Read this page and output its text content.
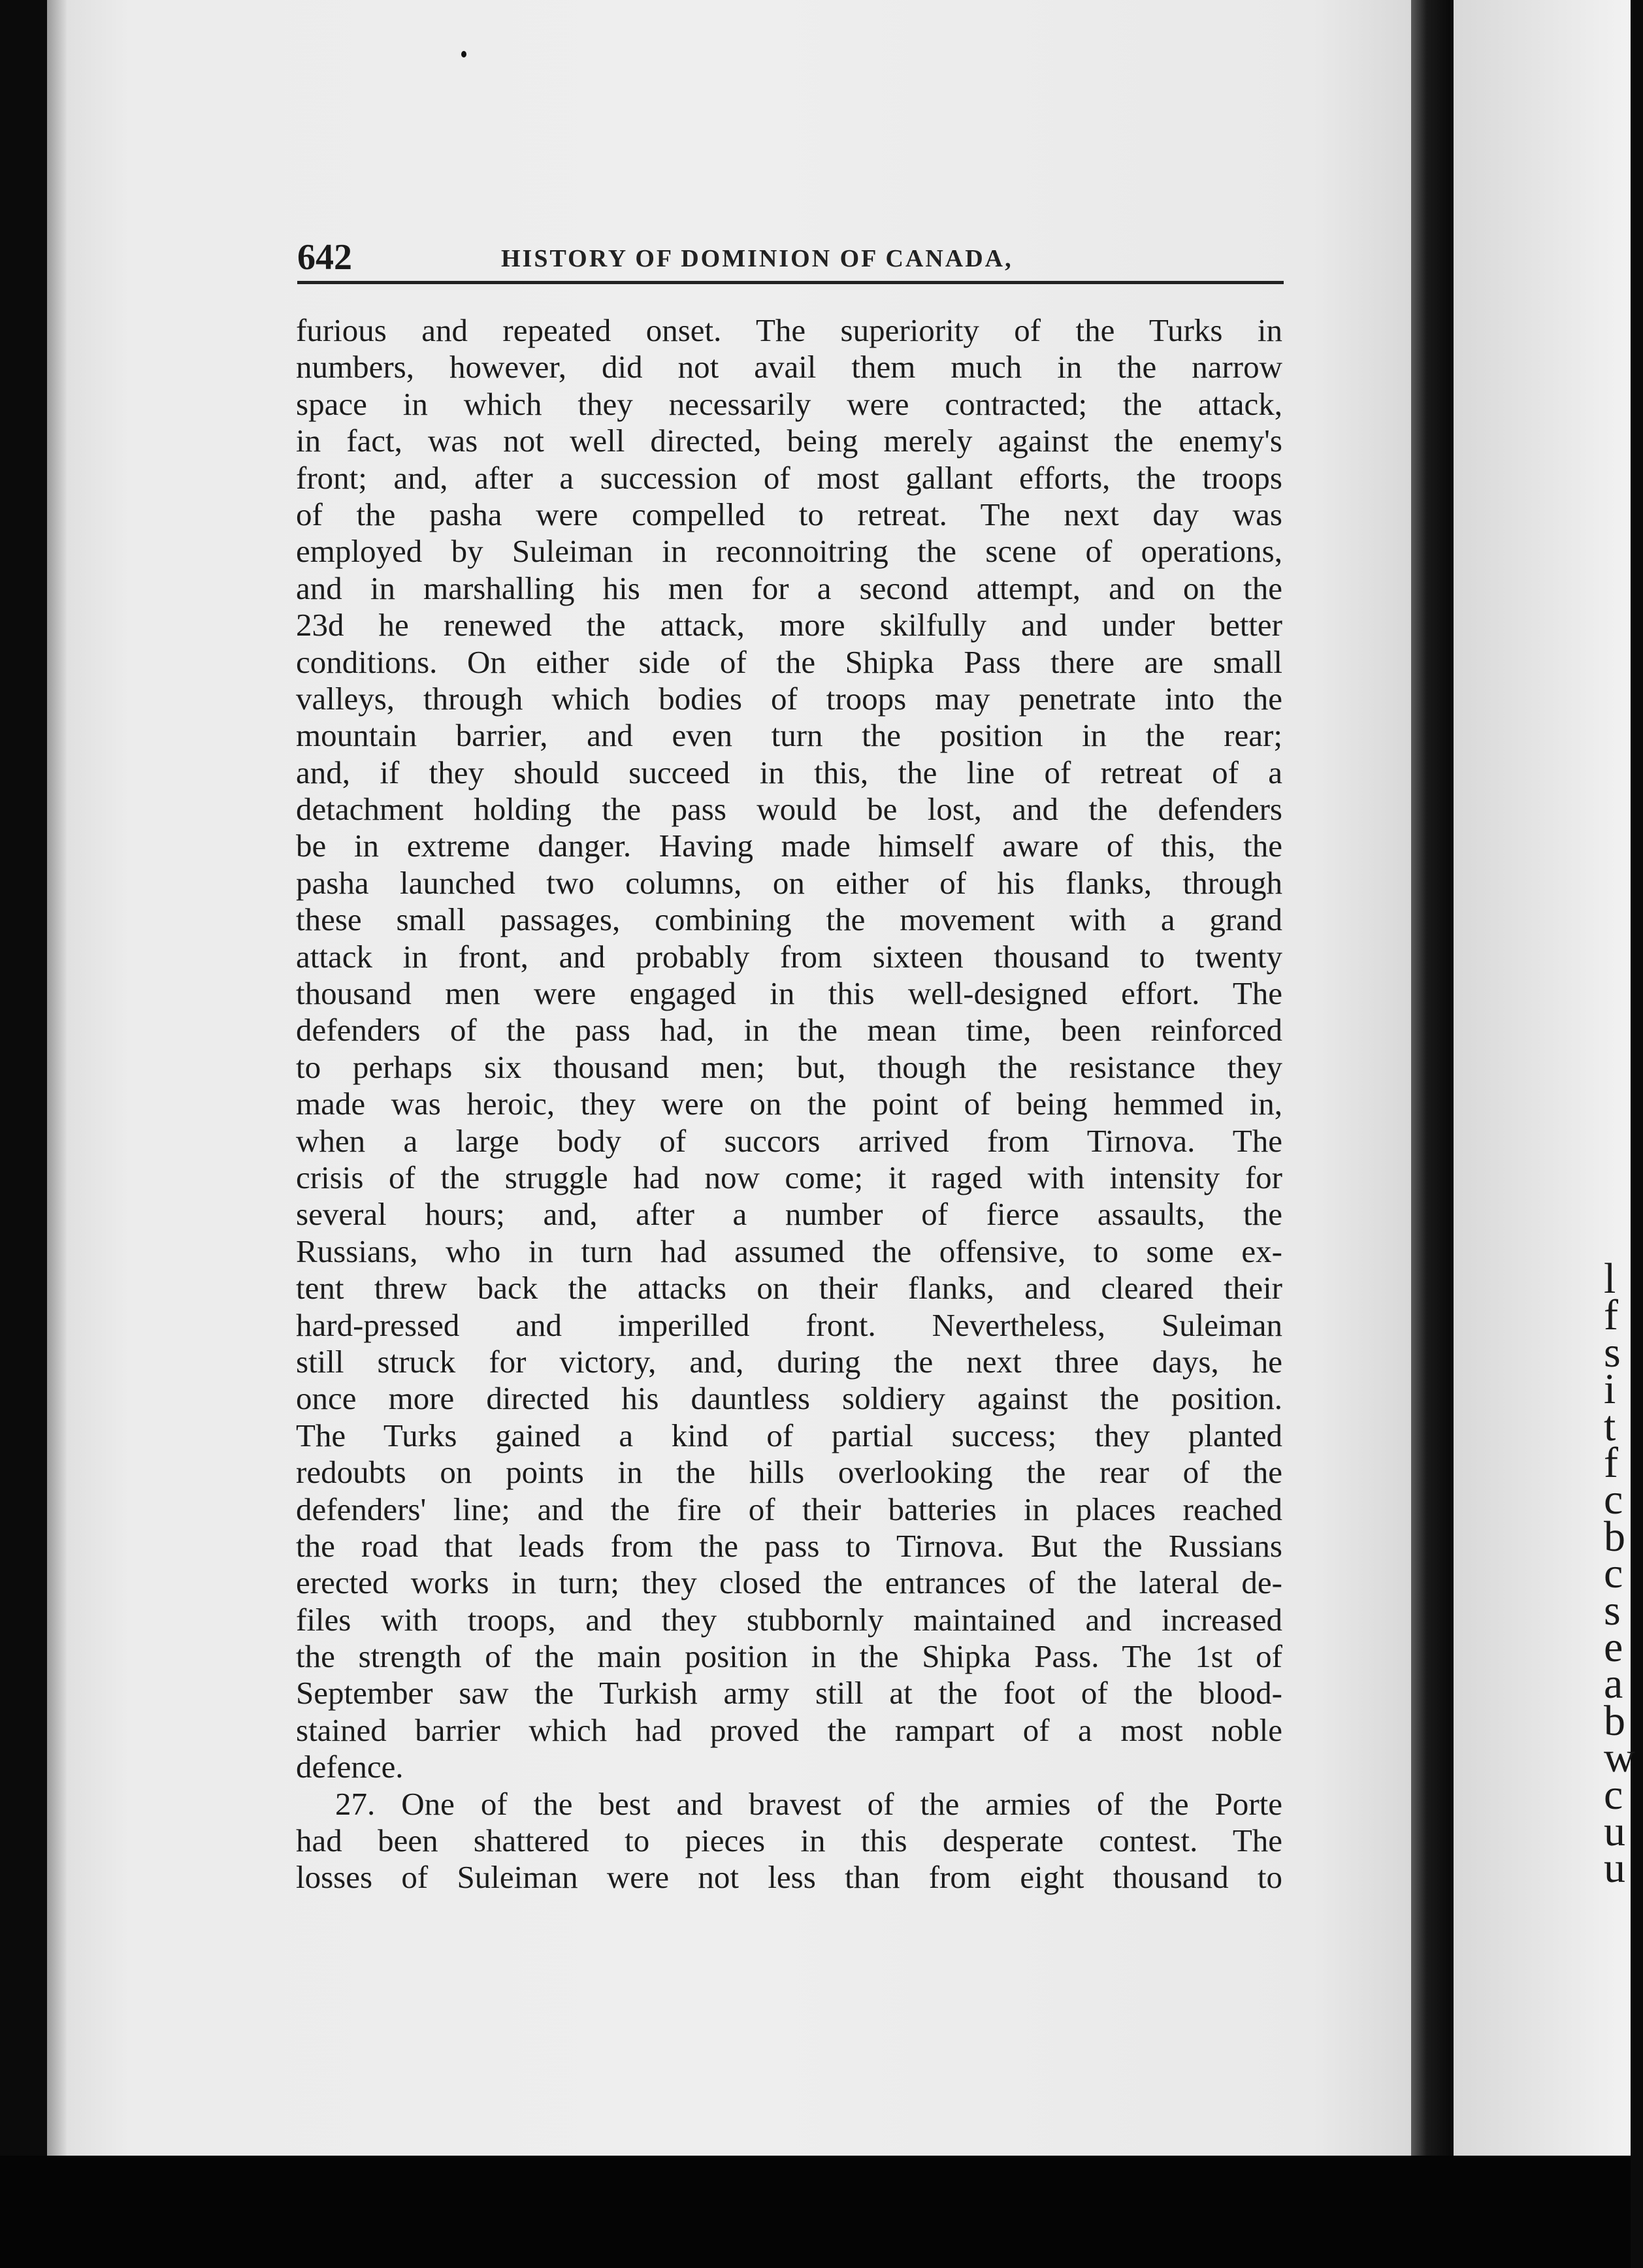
l
f
s
i
t
f
c
b
c
s
e
a
b
w
c
u
u
642	HISTORY OF DOMINION OF CANADA,
furious and repeated onset. The superiority of the Turks in
numbers, however, did not avail them much in the narrow
space in which they necessarily were contracted; the attack,
in fact, was not well directed, being merely against the enemy's
front; and, after a succession of most gallant efforts, the troops
of the pasha were compelled to retreat. The next day was
employed by Suleiman in reconnoitring the scene of operations,
and in marshalling his men for a second attempt, and on the
23d he renewed the attack, more skilfully and under better
conditions. On either side of the Shipka Pass there are small
valleys, through which bodies of troops may penetrate into the
mountain barrier, and even turn the position in the rear;
and, if they should succeed in this, the line of retreat of a
detachment holding the pass would be lost, and the defenders
be in extreme danger. Having made himself aware of this, the
pasha launched two columns, on either of his flanks, through
these small passages, combining the movement with a grand
attack in front, and probably from sixteen thousand to twenty
thousand men were engaged in this well-designed effort. The
defenders of the pass had, in the mean time, been reinforced
to perhaps six thousand men; but, though the resistance they
made was heroic, they were on the point of being hemmed in,
when a large body of succors arrived from Tirnova. The
crisis of the struggle had now come; it raged with intensity for
several hours; and, after a number of fierce assaults, the
Russians, who in turn had assumed the offensive, to some ex-
tent threw back the attacks on their flanks, and cleared their
hard-pressed and imperilled front. Nevertheless, Suleiman
still struck for victory, and, during the next three days, he
once more directed his dauntless soldiery against the position.
The Turks gained a kind of partial success; they planted
redoubts on points in the hills overlooking the rear of the
defenders' line; and the fire of their batteries in places reached
the road that leads from the pass to Tirnova. But the Russians
erected works in turn; they closed the entrances of the lateral de-
files with troops, and they stubbornly maintained and increased
the strength of the main position in the Shipka Pass. The 1st of
September saw the Turkish army still at the foot of the blood-
stained barrier which had proved the rampart of a most noble
defence.
27. One of the best and bravest of the armies of the Porte
had been shattered to pieces in this desperate contest. The
losses of Suleiman were not less than from eight thousand to
